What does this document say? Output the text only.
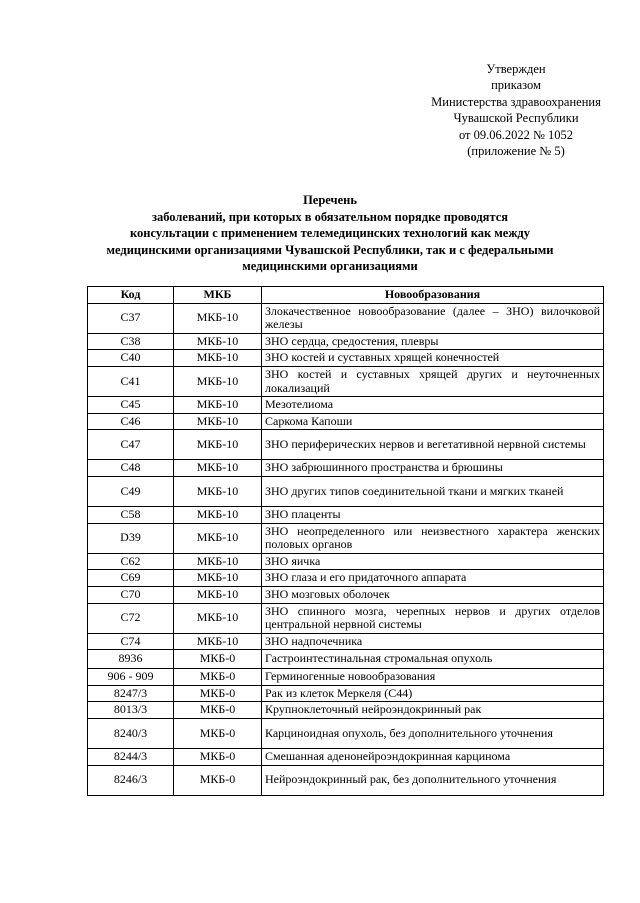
Утвержден
приказом
Министерства здравоохранения
Чувашской Республики
от 09.06.2022 № 1052
(приложение № 5)
Перечень
заболеваний, при которых в обязательном порядке проводятся
консультации с применением телемедицинских технологий как между
медицинскими организациями Чувашской Республики, так и с федеральными
медицинскими организациями
Код	МКБ	Новообразования
C37	МКБ-10	Злокачественное новообразование (далее – ЗНО) вилочковой железы
C38	МКБ-10	ЗНО сердца, средостения, плевры
C40	МКБ-10	ЗНО костей и суставных хрящей конечностей
C41	МКБ-10	ЗНО костей и суставных хрящей других и неуточненных локализаций
C45	МКБ-10	Мезотелиома
C46	МКБ-10	Саркома Капоши
C47	МКБ-10	ЗНО периферических нервов и вегетативной нервной системы
C48	МКБ-10	ЗНО забрюшинного пространства и брюшины
C49	МКБ-10	ЗНО других типов соединительной ткани и мягких тканей
C58	МКБ-10	ЗНО плаценты
D39	МКБ-10	ЗНО неопределенного или неизвестного характера женских половых органов
C62	МКБ-10	ЗНО яичка
C69	МКБ-10	ЗНО глаза и его придаточного аппарата
C70	МКБ-10	ЗНО мозговых оболочек
C72	МКБ-10	ЗНО спинного мозга, черепных нервов и других отделов центральной нервной системы
C74	МКБ-10	ЗНО надпочечника
8936	МКБ-0	Гастроинтестинальная стромальная опухоль
906 - 909	МКБ-0	Герминогенные новообразования
8247/3	МКБ-0	Рак из клеток Меркеля (C44)
8013/3	МКБ-0	Крупноклеточный нейроэндокринный рак
8240/3	МКБ-0	Карциноидная опухоль, без дополнительного уточнения
8244/3	МКБ-0	Смешанная аденонейроэндокринная карцинома
8246/3	МКБ-0	Нейроэндокринный рак, без дополнительного уточнения
